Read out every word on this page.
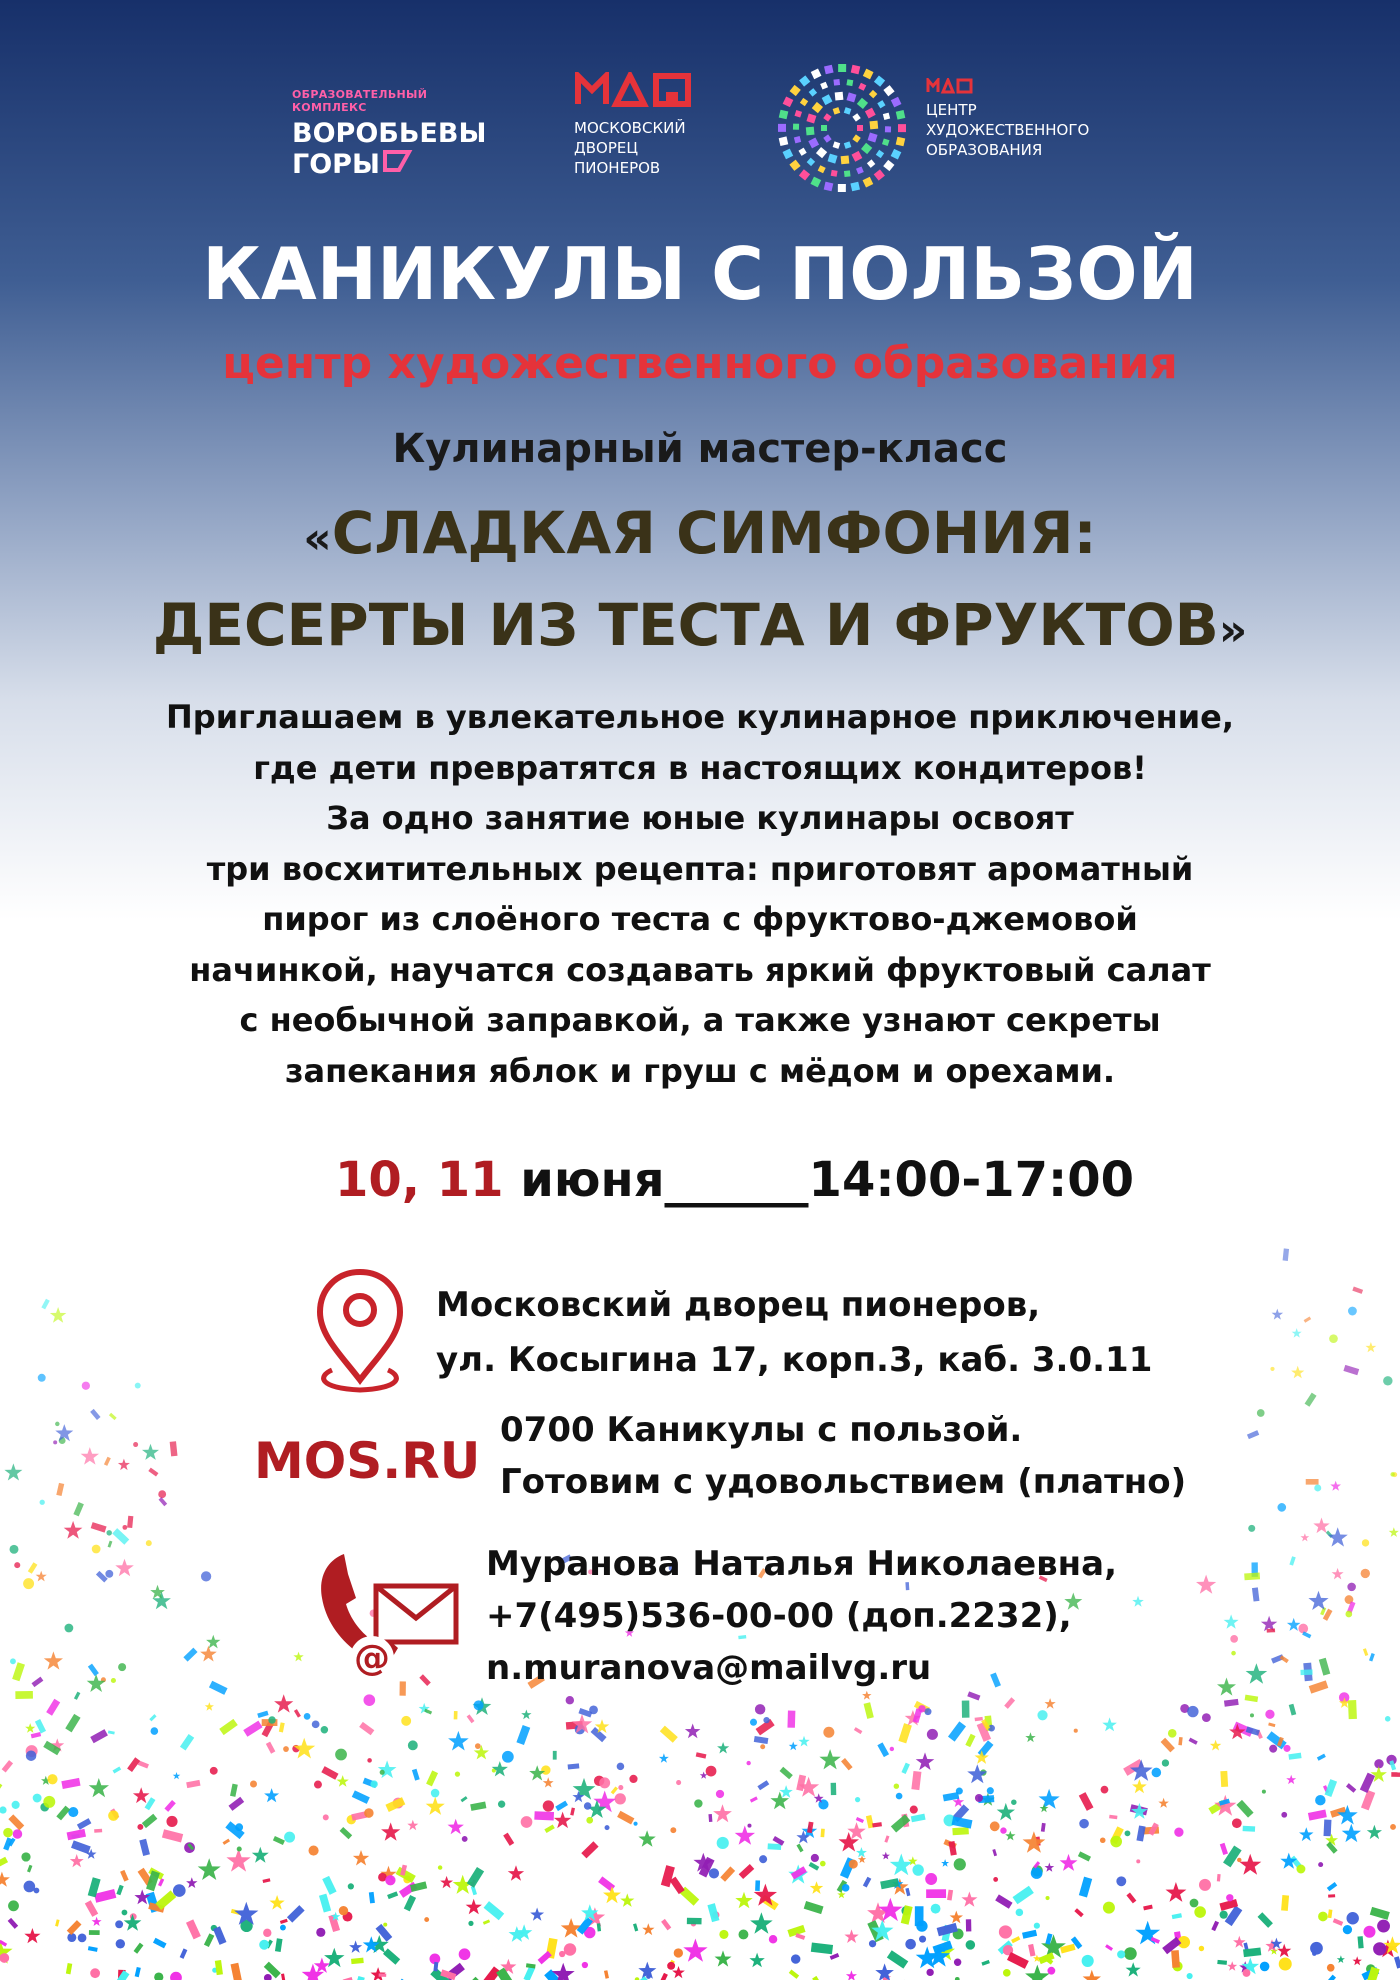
ОБРАЗОВАТЕЛЬНЫЙ КОМПЛЕКС
ВОРОБЬЕВЫ
ГОРЫ
МОСКОВСКИЙ
ДВОРЕЦ
ПИОНЕРОВ
ЦЕНТР
ХУДОЖЕСТВЕННОГО
ОБРАЗОВАНИЯ
КАНИКУЛЫ С ПОЛЬЗОЙ
центр художественного образования
Кулинарный мастер-класс
«СЛАДКАЯ СИМФОНИЯ:
ДЕСЕРТЫ ИЗ ТЕСТА И ФРУКТОВ»
Приглашаем в увлекательное кулинарное приключение,
где дети превратятся в настоящих кондитеров!
За одно занятие юные кулинары освоят
три восхитительных рецепта: приготовят ароматный
пирог из слоёного теста с фруктово-джемовой
начинкой, научатся создавать яркий фруктовый салат
с необычной заправкой, а также узнают секреты
запекания яблок и груш с мёдом и орехами.
10, 11 июня______14:00-17:00
Московский дворец пионеров,
ул. Косыгина 17, корп.3, каб. 3.0.11
MOS.RU
0700 Каникулы с пользой.
Готовим с удовольствием (платно)
@
Муранова Наталья Николаевна,
+7(495)536-00-00 (доп.2232),
n.muranova@mailvg.ru
